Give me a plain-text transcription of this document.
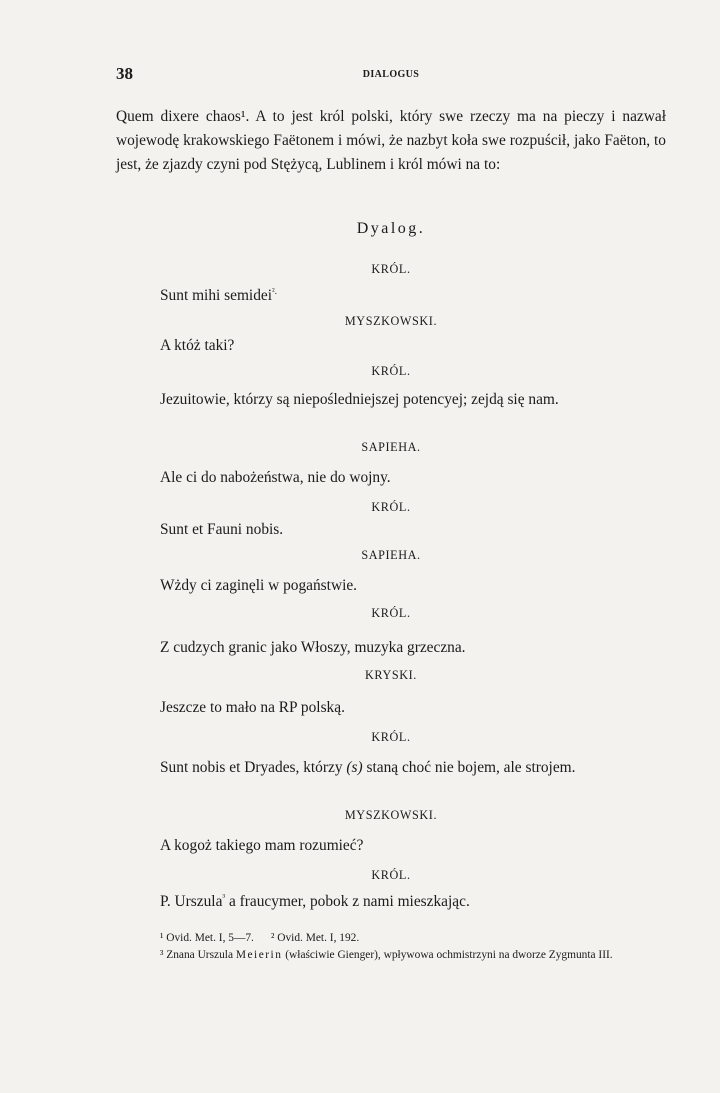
38	DIALOGUS

Quem dixere chaos¹. A to jest król polski, który swe rzeczy ma na pieczy i nazwał wojewodę krakowskiego Faëtonem i mówi, że nazbyt koła swe rozpuścił, jako Faëton, to jest, że zjazdy czyni pod Stężycą, Lublinem i król mówi na to:

Dyalog.
KRÓL.
Sunt mihi semidei$^{^2.}$
MYSZKOWSKI.
A któż taki?
KRÓL.
Jezuitowie, którzy są niepośledniejszej potencyej; zejdą się nam.
SAPIEHA.
Ale ci do nabożeństwa, nie do wojny.
KRÓL.
Sunt et Fauni nobis.
SAPIEHA.
Wżdy ci zaginęli w pogaństwie.
KRÓL.
Z cudzych granic jako Włoszy, muzyka grzeczna.
KRYSKI.
Jeszcze to mało na RP polską.
KRÓL.
Sunt nobis et Dryades, którzy (s) staną choć nie bojem, ale strojem.
MYSZKOWSKI.
A kogoż takiego mam rozumieć?
KRÓL.
P. Urszula$^{^3}$ a fraucymer, pobok z nami mieszkając.
¹ Ovid. Met. I, 5—7. ² Ovid. Met. I, 192.
³ Znana Urszula Meierin (właściwie Gienger), wpływowa ochmistrzyni na dworze Zygmunta III.
